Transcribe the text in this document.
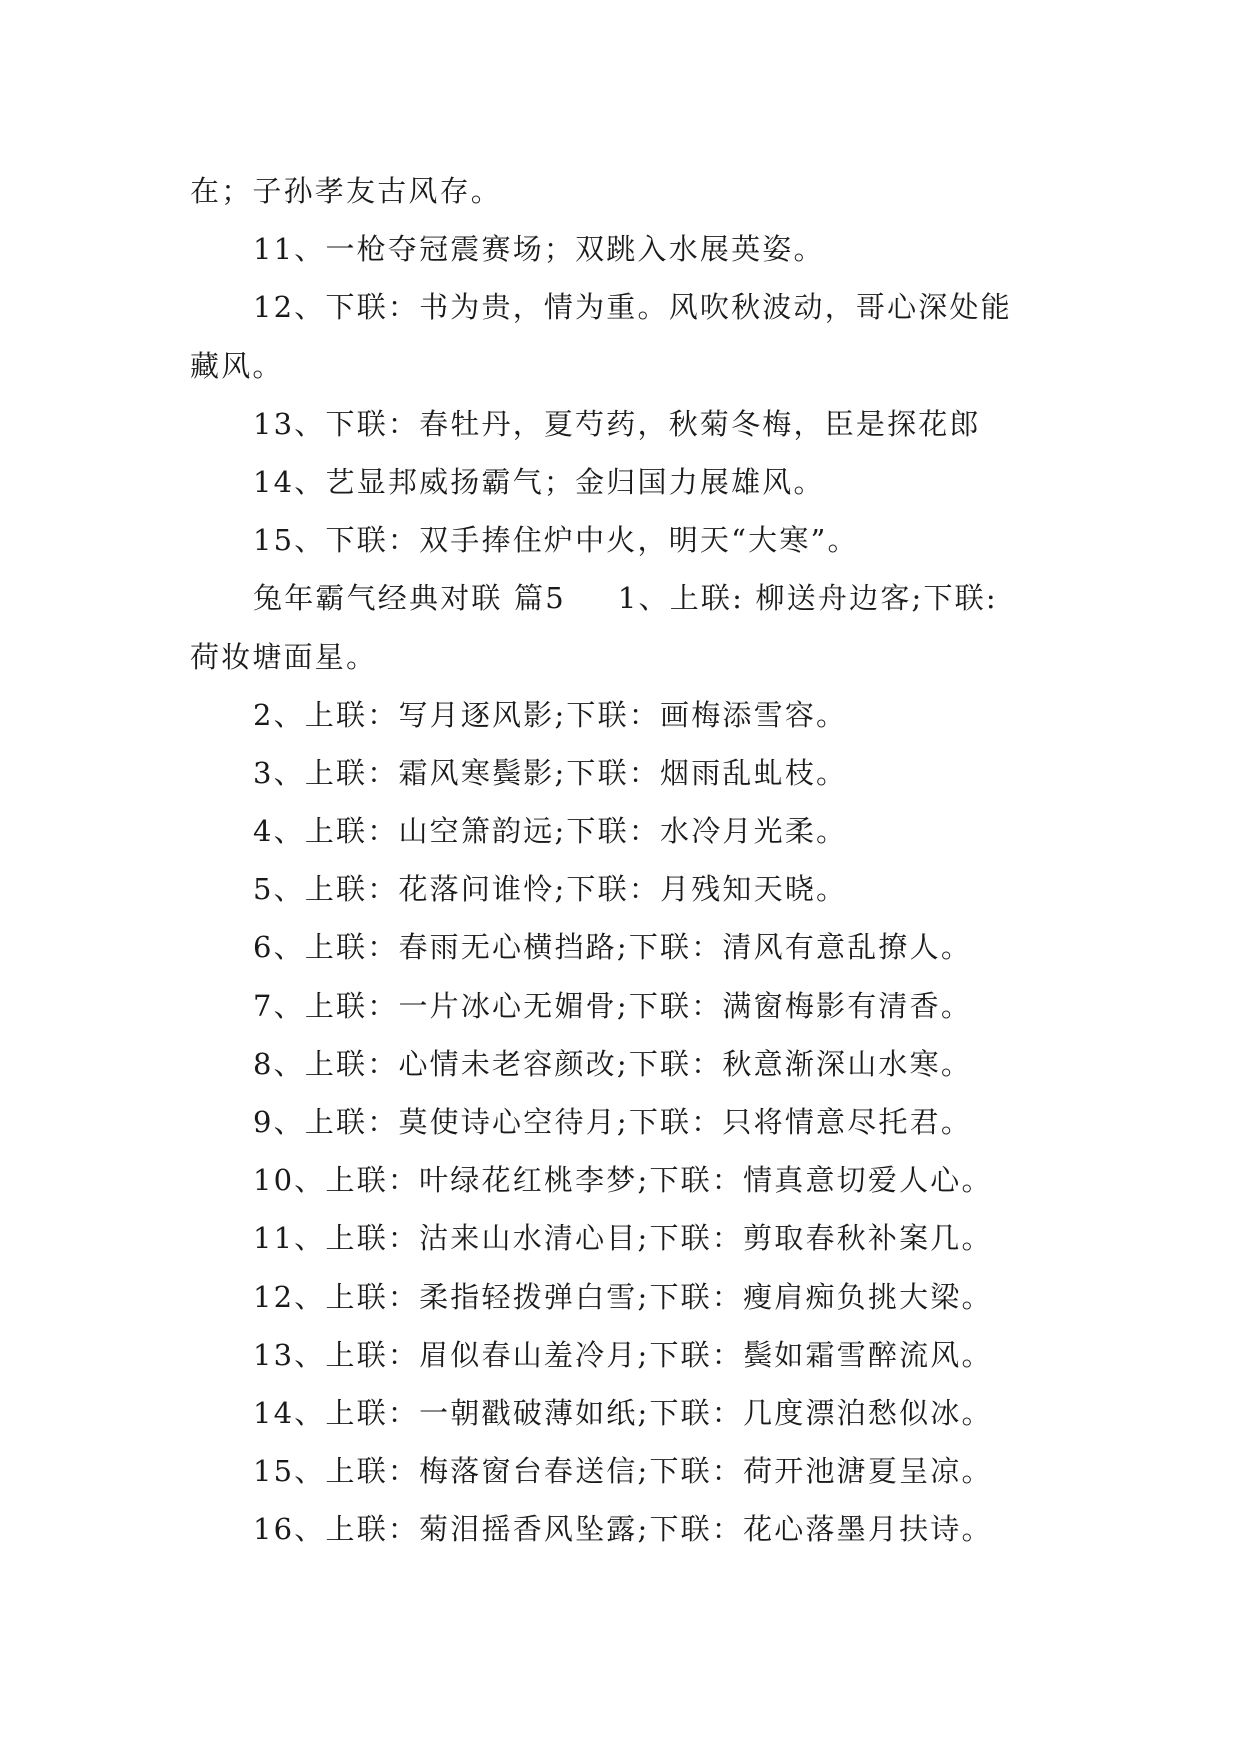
在；子孙孝友古风存。
11、一枪夺冠震赛场；双跳入水展英姿。
12、下联：书为贵，情为重。风吹秋波动，哥心深处能
藏风。
13、下联：春牡丹，夏芍药，秋菊冬梅，臣是探花郎
14、艺显邦威扬霸气；金归国力展雄风。
15、下联：双手捧住炉中火，明天“大寒”。
兔年霸气经典对联 篇5 1、上联: 柳送舟边客;下联:
荷妆塘面星。
2、上联：写月逐风影;下联：画梅添雪容。
3、上联：霜风寒鬓影;下联：烟雨乱虬枝。
4、上联：山空箫韵远;下联：水冷月光柔。
5、上联：花落问谁怜;下联：月残知天晓。
6、上联：春雨无心横挡路;下联：清风有意乱撩人。
7、上联：一片冰心无媚骨;下联：满窗梅影有清香。
8、上联：心情未老容颜改;下联：秋意渐深山水寒。
9、上联：莫使诗心空待月;下联：只将情意尽托君。
10、上联：叶绿花红桃李梦;下联：情真意切爱人心。
11、上联：沽来山水清心目;下联：剪取春秋补案几。
12、上联：柔指轻拨弹白雪;下联：瘦肩痴负挑大梁。
13、上联：眉似春山羞冷月;下联：鬓如霜雪醉流风。
14、上联：一朝戳破薄如纸;下联：几度漂泊愁似冰。
15、上联：梅落窗台春送信;下联：荷开池溏夏呈凉。
16、上联：菊泪摇香风坠露;下联：花心落墨月扶诗。
